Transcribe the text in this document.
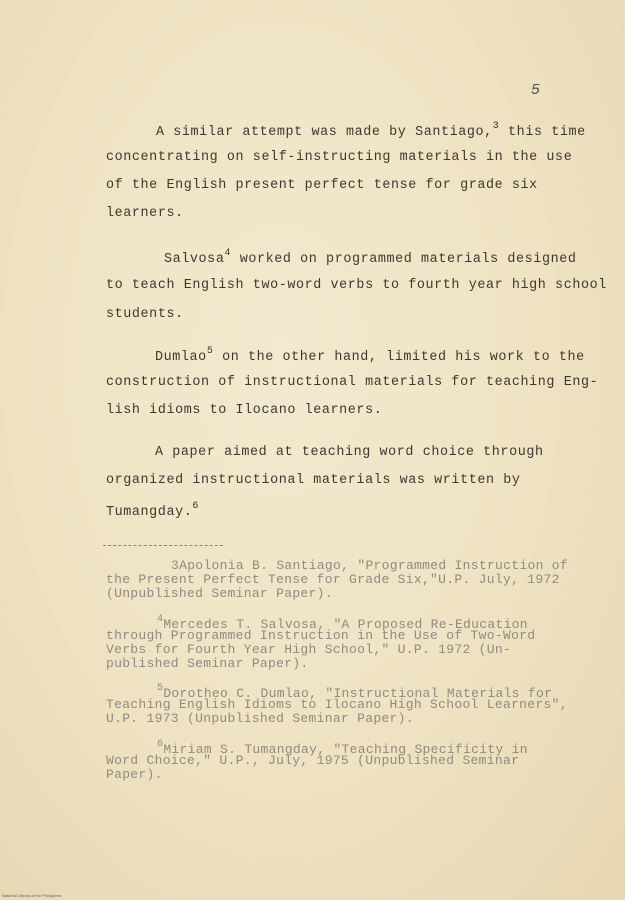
5
A similar attempt was made by Santiago,$^3$ this time
concentrating on self-instructing materials in the use
of the English present perfect tense for grade six
learners.
Salvosa$^4$ worked on programmed materials designed
to teach English two-word verbs to fourth year high school
students.
Dumlao$^5$ on the other hand, limited his work to the
construction of instructional materials for teaching Eng-
lish idioms to Ilocano learners.
A paper aimed at teaching word choice through
organized instructional materials was written by
Tumangday.$^6$
3Apolonia B. Santiago, "Programmed Instruction of
the Present Perfect Tense for Grade Six,"U.P. July, 1972
(Unpublished Seminar Paper).
$^4$Mercedes T. Salvosa, "A Proposed Re-Education
through Programmed Instruction in the Use of Two-Word
Verbs for Fourth Year High School," U.P. 1972 (Un-
published Seminar Paper).
$^5$Dorotheo C. Dumlao, "Instructional Materials for
Teaching English Idioms to Ilocano High School Learners",
U.P. 1973 (Unpublished Seminar Paper).
$^6$Miriam S. Tumangday, "Teaching Specificity in
Word Choice," U.P., July, 1975 (Unpublished Seminar
Paper).
National Library of the Philippines
